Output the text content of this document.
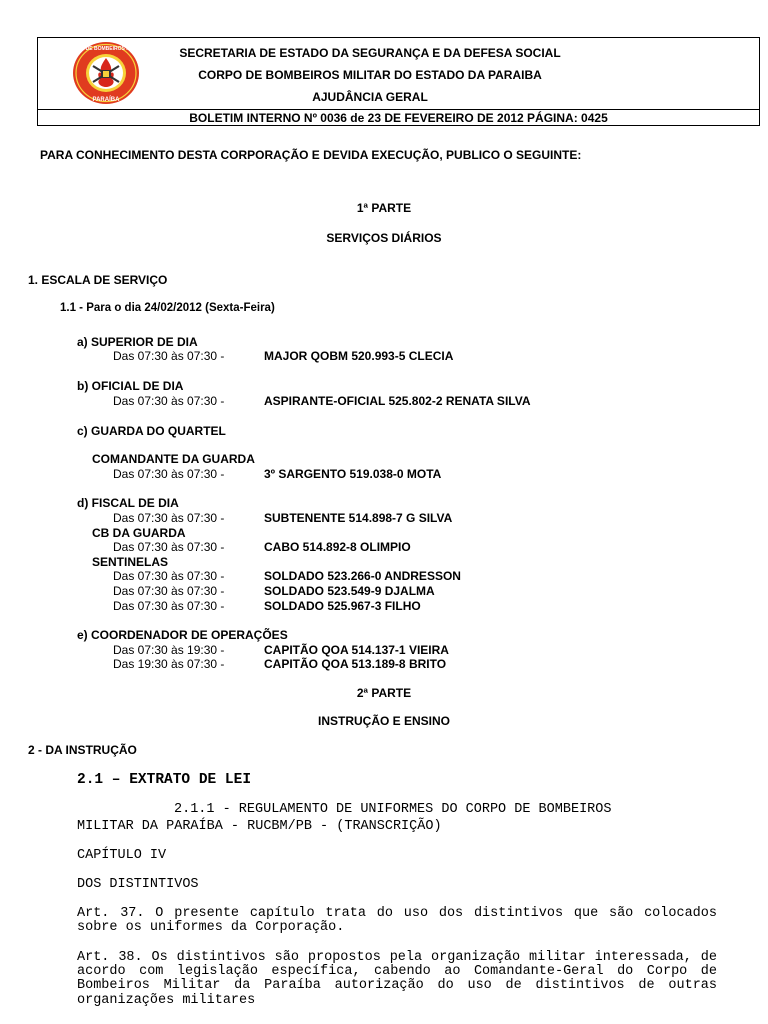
CORPO DE BOMBEIROS MILITAR
PARAÍBA
SECRETARIA DE ESTADO DA SEGURANÇA E DA DEFESA SOCIAL
CORPO DE BOMBEIROS MILITAR DO ESTADO DA PARAIBA
AJUDÂNCIA GERAL
BOLETIM INTERNO Nº 0036 de 23 DE FEVEREIRO DE 2012 PÁGINA: 0425
PARA CONHECIMENTO DESTA CORPORAÇÃO E DEVIDA EXECUÇÃO, PUBLICO O SEGUINTE:
1ª PARTE
SERVIÇOS DIÁRIOS
1. ESCALA DE SERVIÇO
1.1 - Para o dia 24/02/2012 (Sexta-Feira)
a) SUPERIOR DE DIA
Das 07:30 às 07:30 -	MAJOR QOBM 520.993-5 CLECIA
b) OFICIAL DE DIA
Das 07:30 às 07:30 -	ASPIRANTE-OFICIAL 525.802-2 RENATA SILVA
c) GUARDA DO QUARTEL
COMANDANTE DA GUARDA
Das 07:30 às 07:30 -	3º SARGENTO 519.038-0 MOTA
d) FISCAL DE DIA
Das 07:30 às 07:30 -	SUBTENENTE 514.898-7 G SILVA
CB DA GUARDA
Das 07:30 às 07:30 -	CABO 514.892-8 OLIMPIO
SENTINELAS
Das 07:30 às 07:30 -	SOLDADO 523.266-0 ANDRESSON
Das 07:30 às 07:30 -	SOLDADO 523.549-9 DJALMA
Das 07:30 às 07:30 -	SOLDADO 525.967-3 FILHO
e) COORDENADOR DE OPERAÇÕES
Das 07:30 às 19:30 -	CAPITÃO QOA 514.137-1 VIEIRA
Das 19:30 às 07:30 -	CAPITÃO QOA 513.189-8 BRITO
2ª PARTE
INSTRUÇÃO E ENSINO
2 - DA INSTRUÇÃO
2.1 – EXTRATO DE LEI
2.1.1 - REGULAMENTO DE UNIFORMES DO CORPO DE BOMBEIROS
MILITAR DA PARAÍBA - RUCBM/PB - (TRANSCRIÇÃO)
CAPÍTULO IV
DOS DISTINTIVOS
Art. 37. O presente capítulo trata do uso dos distintivos que são colocados sobre os uniformes da Corporação.
Art. 38. Os distintivos são propostos pela organização militar interessada, de acordo com legislação específica, cabendo ao Comandante-Geral do Corpo de Bombeiros Militar da Paraíba autorização do uso de distintivos de outras organizações militares
